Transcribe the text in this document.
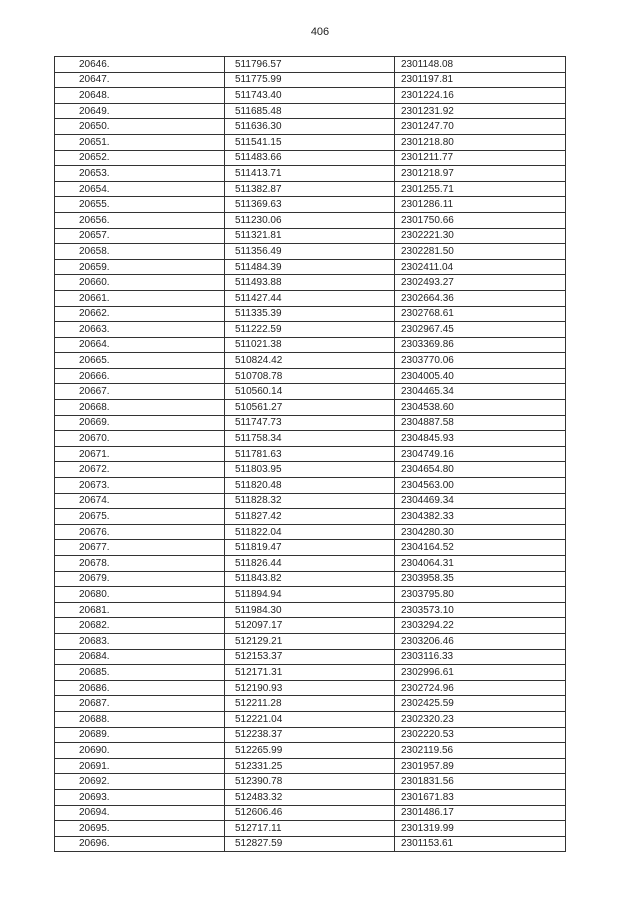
406
20646.	511796.57	2301148.08
20647.	511775.99	2301197.81
20648.	511743.40	2301224.16
20649.	511685.48	2301231.92
20650.	511636.30	2301247.70
20651.	511541.15	2301218.80
20652.	511483.66	2301211.77
20653.	511413.71	2301218.97
20654.	511382.87	2301255.71
20655.	511369.63	2301286.11
20656.	511230.06	2301750.66
20657.	511321.81	2302221.30
20658.	511356.49	2302281.50
20659.	511484.39	2302411.04
20660.	511493.88	2302493.27
20661.	511427.44	2302664.36
20662.	511335.39	2302768.61
20663.	511222.59	2302967.45
20664.	511021.38	2303369.86
20665.	510824.42	2303770.06
20666.	510708.78	2304005.40
20667.	510560.14	2304465.34
20668.	510561.27	2304538.60
20669.	511747.73	2304887.58
20670.	511758.34	2304845.93
20671.	511781.63	2304749.16
20672.	511803.95	2304654.80
20673.	511820.48	2304563.00
20674.	511828.32	2304469.34
20675.	511827.42	2304382.33
20676.	511822.04	2304280.30
20677.	511819.47	2304164.52
20678.	511826.44	2304064.31
20679.	511843.82	2303958.35
20680.	511894.94	2303795.80
20681.	511984.30	2303573.10
20682.	512097.17	2303294.22
20683.	512129.21	2303206.46
20684.	512153.37	2303116.33
20685.	512171.31	2302996.61
20686.	512190.93	2302724.96
20687.	512211.28	2302425.59
20688.	512221.04	2302320.23
20689.	512238.37	2302220.53
20690.	512265.99	2302119.56
20691.	512331.25	2301957.89
20692.	512390.78	2301831.56
20693.	512483.32	2301671.83
20694.	512606.46	2301486.17
20695.	512717.11	2301319.99
20696.	512827.59	2301153.61
